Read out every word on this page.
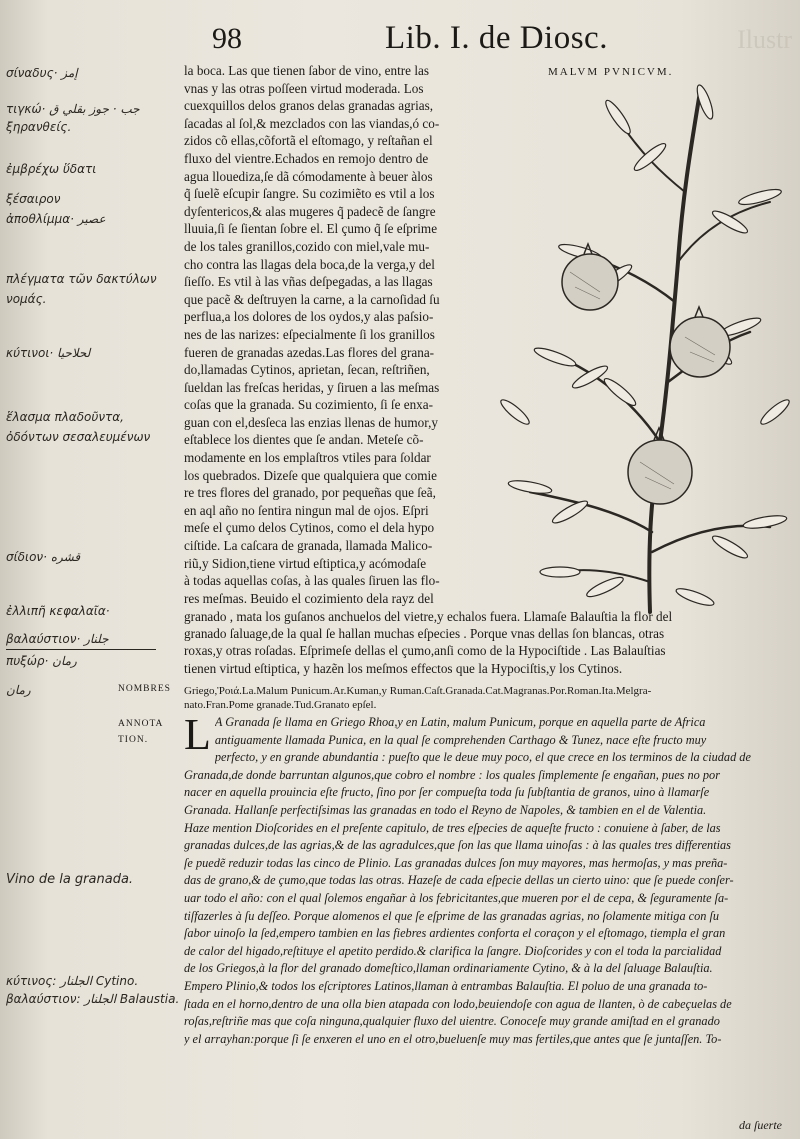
Ilustr
98	Lib. I. de Diosc.
σίναδυς· إمز
τιγκώ· جب · جوز بقلي ق
ξηρανθείς.
ἐμβρέχω ὕδατι
ξέσαιρον
ἀποθλίμμα· عصير
πλέγματα τῶν δακτύλων
νομάς.
κύτινοι· لحلاحيا
ἕλασμα πλαδοῦντα,
ὀδόντων σεσαλευμένων
σίδιον· قشره
ἐλλιπῆ κεφαλαῖα·
βαλαύστιον· جلنار
πυξώρ· رمان
رمان
Vino de la granada.
κύτινος: الجلنار Cytino.
βαλαύστιον: الجلنار Balaustia.
la boca. Las que tienen ſabor de vino, entre las
vnas y las otras poſſeen virtud moderada. Los
cuexquillos delos granos delas granadas agrias,
ſacadas al ſol,& mezclados con las viandas,ó co-
zidos cõ ellas,cõfortã el eſtomago, y reſtañan el
fluxo del vientre.Echados en remojo dentro de
agua llouediza,ſe dã cómodamente à beuer àlos
q̃ ſuelẽ eſcupir ſangre. Su cozimiẽto es vtil a los
dyſentericos,& alas mugeres q̃ padecẽ de ſangre
lluuia,ſi ſe ſientan ſobre el. El çumo q̃ ſe eſprime
de los tales granillos,cozido con miel,vale mu-
cho contra las llagas dela boca,de la verga,y del
ſieſſo. Es vtil à las vñas deſpegadas, a las llagas
que pacẽ & deſtruyen la carne, a la carnoſidad ſu
perflua,a los dolores de los oydos,y alas paſsio-
nes de las narizes: eſpecialmente ſi los granillos
fueren de granadas azedas.Las flores del grana-
do,llamadas Cytinos, aprietan, ſecan, reſtriñen,
ſueldan las freſcas heridas, y ſiruen a las meſmas
coſas que la granada. Su cozimiento, ſi ſe enxa-
guan con el,desſeca las enzias llenas de humor,y
eſtablece los dientes que ſe andan. Meteſe cõ-
modamente en los emplaſtros vtiles para ſoldar
los quebrados. Dizeſe que qualquiera que comie
re tres flores del granado, por pequeñas que ſeã,
en aql año no ſentira ningun mal de ojos. Eſpri
meſe el çumo delos Cytinos, como el dela hypo
ciſtide. La caſcara de granada, llamada Malico-
riũ,y Sidion,tiene virtud eſtiptica,y acómodaſe
à todas aquellas coſas, à las quales ſiruen las flo-
res meſmas. Beuido el cozimiento dela rayz del
MALVM PVNICVM.
granado , mata los guſanos anchuelos del vietre,y echalos fuera. Llamaſe Balauſtia la flor del
granado ſaluage,de la qual ſe hallan muchas eſpecies . Porque vnas dellas ſon blancas, otras
roxas,y otras roſadas. Eſprimeſe dellas el çumo,anſi como de la Hypociſtide . Las Balauſtias
tienen virtud eſtiptica, y hazẽn los meſmos effectos que la Hypociſtis,y los Cytinos.
NOMBRES Griego,Ῥοιά.La.Malum Punicum.Ar.Kuman,y Ruman.Caſt.Granada.Cat.Magranas.Por.Roman.Ita.Melgra-
nato.Fran.Pome granade.Tud.Granato epſel.
ANNOTA
TION. L A Granada ſe llama en Griego Rhoa,y en Latin, malum Punicum, porque en aquella parte de Africa
antiguamente llamada Punica, en la qual ſe comprehenden Carthago & Tunez, nace eſte fructo muy
perfecto, y en grande abundantia : pueſto que le deue muy poco, el que crece en los terminos de la ciudad de
Granada,de donde barruntan algunos,que cobro el nombre : los quales ſimplemente ſe engañan, pues no por
nacer en aquella prouincia eſte fructo, ſino por ſer compueſta toda ſu ſubſtantia de granos, uino à llamarſe
Granada. Hallanſe perfectiſsimas las granadas en todo el Reyno de Napoles, & tambien en el de Valentia.
Haze mention Dioſcorides en el preſente capitulo, de tres eſpecies de aqueſte fructo : conuiene à ſaber, de las
granadas dulces,de las agrias,& de las agradulces,que ſon las que llama uinoſas : à las quales tres differentias
ſe puedẽ reduzir todas las cinco de Plinio. Las granadas dulces ſon muy mayores, mas hermoſas, y mas preña-
das de grano,& de çumo,que todas las otras. Hazeſe de cada eſpecie dellas un cierto uino: que ſe puede conſer-
uar todo el año: con el qual ſolemos engañar à los febricitantes,que mueren por el de cepa, & ſeguramente ſa-
tiſfazerles à ſu deſſeo. Porque alomenos el que ſe eſprime de las granadas agrias, no ſolamente mitiga con ſu
ſabor uinoſo la ſed,empero tambien en las fiebres ardientes conforta el coraçon y el eſtomago, tiempla el gran
de calor del higado,reſtituye el apetito perdido.& clarifica la ſangre. Dioſcorides y con el toda la parcialidad
de los Griegos,à la flor del granado domeſtico,llaman ordinariamente Cytino, & à la del ſaluage Balauſtia.
Empero Plinio,& todos los eſcriptores Latinos,llaman à entrambas Balauſtia. El poluo de una granada to-
ſtada en el horno,dentro de una olla bien atapada con lodo,beuiendoſe con agua de llanten, ò de cabeçuelas de
roſas,reſtriñe mas que coſa ninguna,qualquier fluxo del uientre. Conoceſe muy grande amiſtad en el granado
y el arrayhan:porque ſi ſe enxeren el uno en el otro,bueluenſe muy mas fertiles,que antes que ſe juntaſſen. To-
da ſuerte
